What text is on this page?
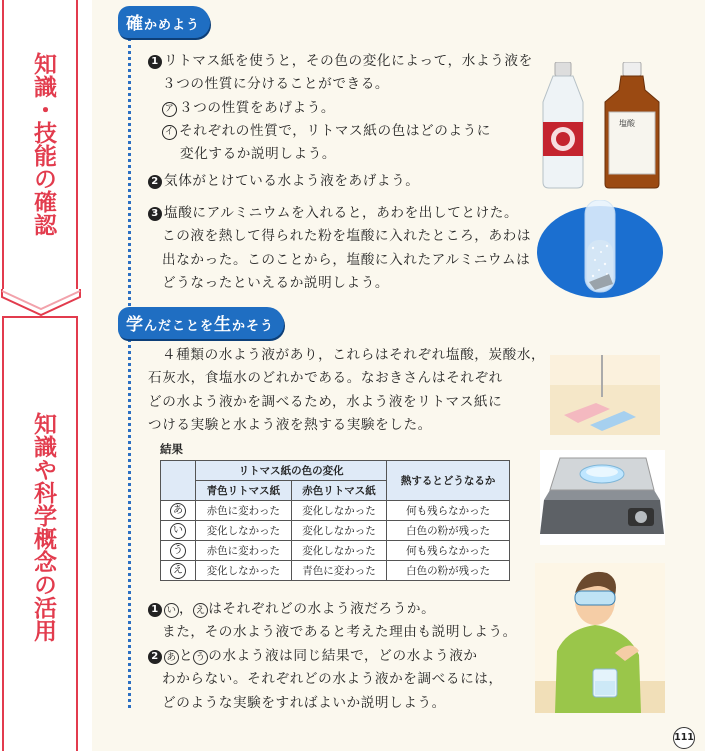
知識・技能の確認
知識や科学概念の活用
確かめよう
1 リトマス紙を使うと，その色の変化によって，水よう液を
３つの性質に分けることができる。
ア ３つの性質をあげよう。
イ それぞれの性質で，リトマス紙の色はどのように
変化するか説明しよう。
2 気体がとけている水よう液をあげよう。
3 塩酸にアルミニウムを入れると，あわを出してとけた。
この液を熱して得られた粉を塩酸に入れたところ，あわは
出なかった。このことから，塩酸に入れたアルミニウムは
どうなったといえるか説明しよう。
塩酸
学んだことを生かそう
４種類の水よう液があり，これらはそれぞれ塩酸，炭酸水，
石灰水，食塩水のどれかである。なおきさんはそれぞれ
どの水よう液かを調べるため，水よう液をリトマス紙に
つける実験と水よう液を熱する実験をした。
結果
	リトマス紙の色の変化		熱するとどうなるか
	青色リトマス紙	赤色リトマス紙	
あ	赤色に変わった	変化しなかった	何も残らなかった
い	変化しなかった	変化しなかった	白色の粉が残った
う	赤色に変わった	変化しなかった	何も残らなかった
え	変化しなかった	青色に変わった	白色の粉が残った
1 い ， え はそれぞれどの水よう液だろうか。
また，その水よう液であると考えた理由も説明しよう。
2 あ と う の水よう液は同じ結果で，どの水よう液か
わからない。それぞれどの水よう液かを調べるには，
どのような実験をすればよいか説明しよう。
111
